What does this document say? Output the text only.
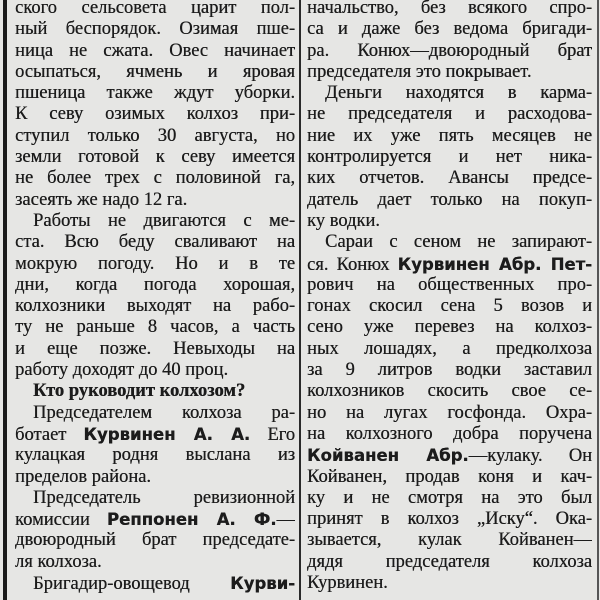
ского сельсовета царит пол-
ный беспорядок. Озимая пше-
ница не сжата. Овес начинает
осыпаться, ячмень и яровая
пшеница также ждут уборки.
К севу озимых колхоз при-
ступил только 30 августа, но
земли готовой к севу имеется
не более трех с половиной га,
засеять же надо 12 га.
Работы не двигаются с ме-
ста. Всю беду сваливают на
мокрую погоду. Но и в те
дни, когда погода хорошая,
колхозники выходят на рабо-
ту не раньше 8 часов, а часть
и еще позже. Невыходы на
работу доходят до 40 проц.
Кто руководит колхозом?
Председателем колхоза ра-
ботает Курвинен А. А. Его
кулацкая родня выслана из
пределов района.
Председатель ревизионной
комиссии Реппонен А. Ф.—
двоюродный брат председате-
ля колхоза.
Бригадир-овощевод Курви-
начальство, без всякого спро-
са и даже без ведома бригади-
ра. Конюх—двоюродный брат
председателя это покрывает.
Деньги находятся в карма-
не председателя и расходова-
ние их уже пять месяцев не
контролируется и нет ника-
ких отчетов. Авансы предсе-
датель дает только на покуп-
ку водки.
Сараи с сеном не запирают-
ся. Конюх Курвинен Абр. Пет-
рович на общественных про-
гонах скосил сена 5 возов и
сено уже перевез на колхоз-
ных лошадях, а предколхоза
за 9 литров водки заставил
колхозников скосить свое се-
но на лугах госфонда. Охра-
на колхозного добра поручена
Койванен Абр.—кулаку. Он
Койванен, продав коня и кач-
ку и не смотря на это был
принят в колхоз „Иску“. Ока-
зывается, кулак Койванен—
дядя председателя колхоза
Курвинен.
